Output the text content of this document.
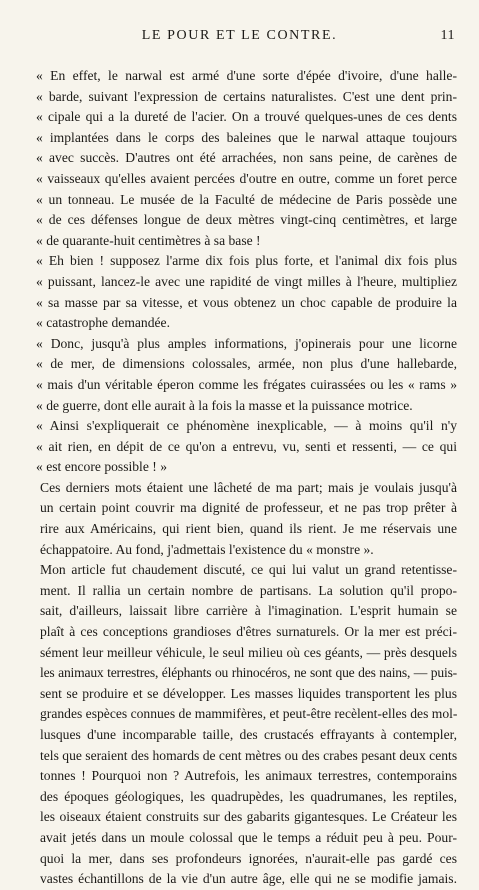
LE POUR ET LE CONTRE.	11

« En effet, le narwal est armé d'une sorte d'épée d'ivoire, d'une halle-
« barde, suivant l'expression de certains naturalistes. C'est une dent prin-
« cipale qui a la dureté de l'acier. On a trouvé quelques-unes de ces dents
« implantées dans le corps des baleines que le narwal attaque toujours
« avec succès. D'autres ont été arrachées, non sans peine, de carènes de
« vaisseaux qu'elles avaient percées d'outre en outre, comme un foret perce
« un tonneau. Le musée de la Faculté de médecine de Paris possède une
« de ces défenses longue de deux mètres vingt-cinq centimètres, et large
« de quarante-huit centimètres à sa base !

« Eh bien ! supposez l'arme dix fois plus forte, et l'animal dix fois plus
« puissant, lancez-le avec une rapidité de vingt milles à l'heure, multipliez
« sa masse par sa vitesse, et vous obtenez un choc capable de produire la
« catastrophe demandée.

« Donc, jusqu'à plus amples informations, j'opinerais pour une licorne
« de mer, de dimensions colossales, armée, non plus d'une hallebarde,
« mais d'un véritable éperon comme les frégates cuirassées ou les « rams »
« de guerre, dont elle aurait à la fois la masse et la puissance motrice.

« Ainsi s'expliquerait ce phénomène inexplicable, — à moins qu'il n'y
« ait rien, en dépit de ce qu'on a entrevu, vu, senti et ressenti, — ce qui
« est encore possible ! »

Ces derniers mots étaient une lâcheté de ma part; mais je voulais jusqu'à
un certain point couvrir ma dignité de professeur, et ne pas trop prêter à
rire aux Américains, qui rient bien, quand ils rient. Je me réservais une
échappatoire. Au fond, j'admettais l'existence du « monstre ».

Mon article fut chaudement discuté, ce qui lui valut un grand retentisse-
ment. Il rallia un certain nombre de partisans. La solution qu'il propo-
sait, d'ailleurs, laissait libre carrière à l'imagination. L'esprit humain se
plaît à ces conceptions grandioses d'êtres surnaturels. Or la mer est préci-
sément leur meilleur véhicule, le seul milieu où ces géants, — près desquels
les animaux terrestres, éléphants ou rhinocéros, ne sont que des nains, — puis-
sent se produire et se développer. Les masses liquides transportent les plus
grandes espèces connues de mammifères, et peut-être recèlent-elles des mol-
lusques d'une incomparable taille, des crustacés effrayants à contempler,
tels que seraient des homards de cent mètres ou des crabes pesant deux cents
tonnes ! Pourquoi non ? Autrefois, les animaux terrestres, contemporains
des époques géologiques, les quadrupèdes, les quadrumanes, les reptiles,
les oiseaux étaient construits sur des gabarits gigantesques. Le Créateur les
avait jetés dans un moule colossal que le temps a réduit peu à peu. Pour-
quoi la mer, dans ses profondeurs ignorées, n'aurait-elle pas gardé ces
vastes échantillons de la vie d'un autre âge, elle qui ne se modifie jamais.
